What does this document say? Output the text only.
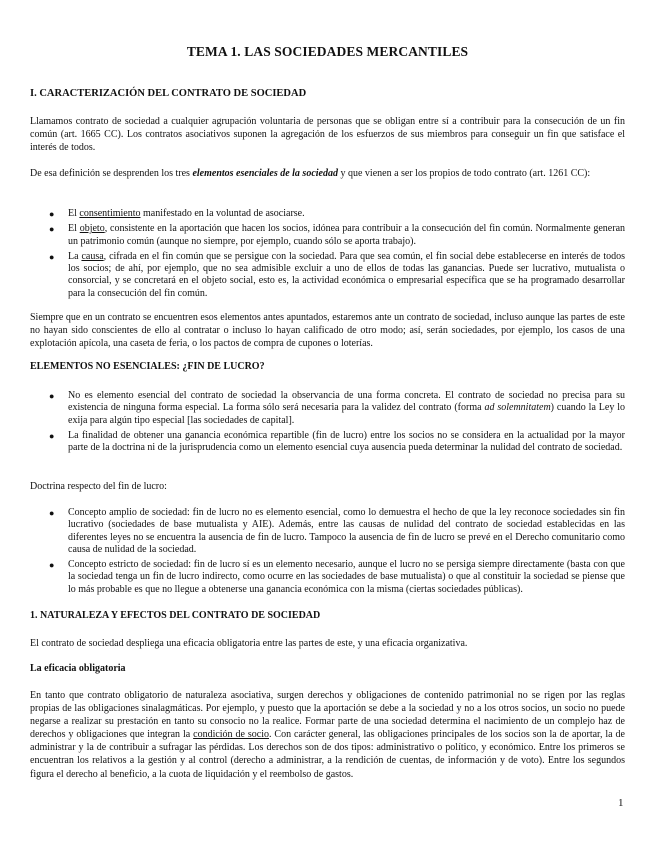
TEMA 1. LAS SOCIEDADES MERCANTILES
I. CARACTERIZACIÓN DEL CONTRATO DE SOCIEDAD

Llamamos contrato de sociedad a cualquier agrupación voluntaria de personas que se obligan entre sí a contribuir para la consecución de un fin común (art. 1665 CC). Los contratos asociativos suponen la agregación de los esfuerzos de sus miembros para conseguir un fin que satisface el interés de todos.

De esa definición se desprenden los tres elementos esenciales de la sociedad y que vienen a ser los propios de todo contrato (art. 1261 CC):

● El consentimiento manifestado en la voluntad de asociarse.
● El objeto, consistente en la aportación que hacen los socios, idónea para contribuir a la consecución del fin común. Normalmente generan un patrimonio común (aunque no siempre, por ejemplo, cuando sólo se aporta trabajo).
● La causa, cifrada en el fin común que se persigue con la sociedad. Para que sea común, el fin social debe establecerse en interés de todos los socios; de ahí, por ejemplo, que no sea admisible excluir a uno de ellos de todas las ganancias. Puede ser lucrativo, mutualista o consorcial, y se concretará en el objeto social, esto es, la actividad económica o empresarial específica que se ha programado desarrollar para la consecución del fin común.

Siempre que en un contrato se encuentren esos elementos antes apuntados, estaremos ante un contrato de sociedad, incluso aunque las partes de este no hayan sido conscientes de ello al contratar o incluso lo hayan calificado de otro modo; así, serán sociedades, por ejemplo, los casos de una explotación apícola, una caseta de feria, o los pactos de compra de cupones o loterías.

ELEMENTOS NO ESENCIALES: ¿FIN DE LUCRO?
● No es elemento esencial del contrato de sociedad la observancia de una forma concreta. El contrato de sociedad no precisa para su existencia de ninguna forma especial. La forma sólo será necesaria para la validez del contrato (forma ad solemnitatem) cuando la Ley lo exija para algún tipo especial [las sociedades de capital].
● La finalidad de obtener una ganancia económica repartible (fin de lucro) entre los socios no se considera en la actualidad por la mayor parte de la doctrina ni de la jurisprudencia como un elemento esencial cuya ausencia pueda determinar la nulidad del contrato de sociedad.

Doctrina respecto del fin de lucro:

● Concepto amplio de sociedad: fin de lucro no es elemento esencial, como lo demuestra el hecho de que la ley reconoce sociedades sin fin lucrativo (sociedades de base mutualista y AIE). Además, entre las causas de nulidad del contrato de sociedad establecidas en las diferentes leyes no se encuentra la ausencia de fin de lucro. Tampoco la ausencia de fin de lucro se prevé en el Derecho comunitario como causa de nulidad de la sociedad.
● Concepto estricto de sociedad: fin de lucro sí es un elemento necesario, aunque el lucro no se persiga siempre directamente (basta con que la sociedad tenga un fin de lucro indirecto, como ocurre en las sociedades de base mutualista) o que al constituir la sociedad se piense que lo más probable es que no llegue a obtenerse una ganancia económica con la misma (ciertas sociedades públicas).
1. NATURALEZA Y EFECTOS DEL CONTRATO DE SOCIEDAD

El contrato de sociedad despliega una eficacia obligatoria entre las partes de este, y una eficacia organizativa.

La eficacia obligatoria

En tanto que contrato obligatorio de naturaleza asociativa, surgen derechos y obligaciones de contenido patrimonial no se rigen por las reglas propias de las obligaciones sinalagmáticas. Por ejemplo, y puesto que la aportación se debe a la sociedad y no a los otros socios, un socio no puede negarse a realizar su prestación en tanto su consocio no la realice. Formar parte de una sociedad determina el nacimiento de un complejo haz de derechos y obligaciones que integran la condición de socio. Con carácter general, las obligaciones principales de los socios son la de aportar, la de administrar y la de contribuir a sufragar las pérdidas. Los derechos son de dos tipos: administrativo o político, y económico. Entre los primeros se encuentran los relativos a la gestión y al control (derecho a administrar, a la rendición de cuentas, de información y de voto). Entre los segundos figura el derecho al beneficio, a la cuota de liquidación y el reembolso de gastos.

1
